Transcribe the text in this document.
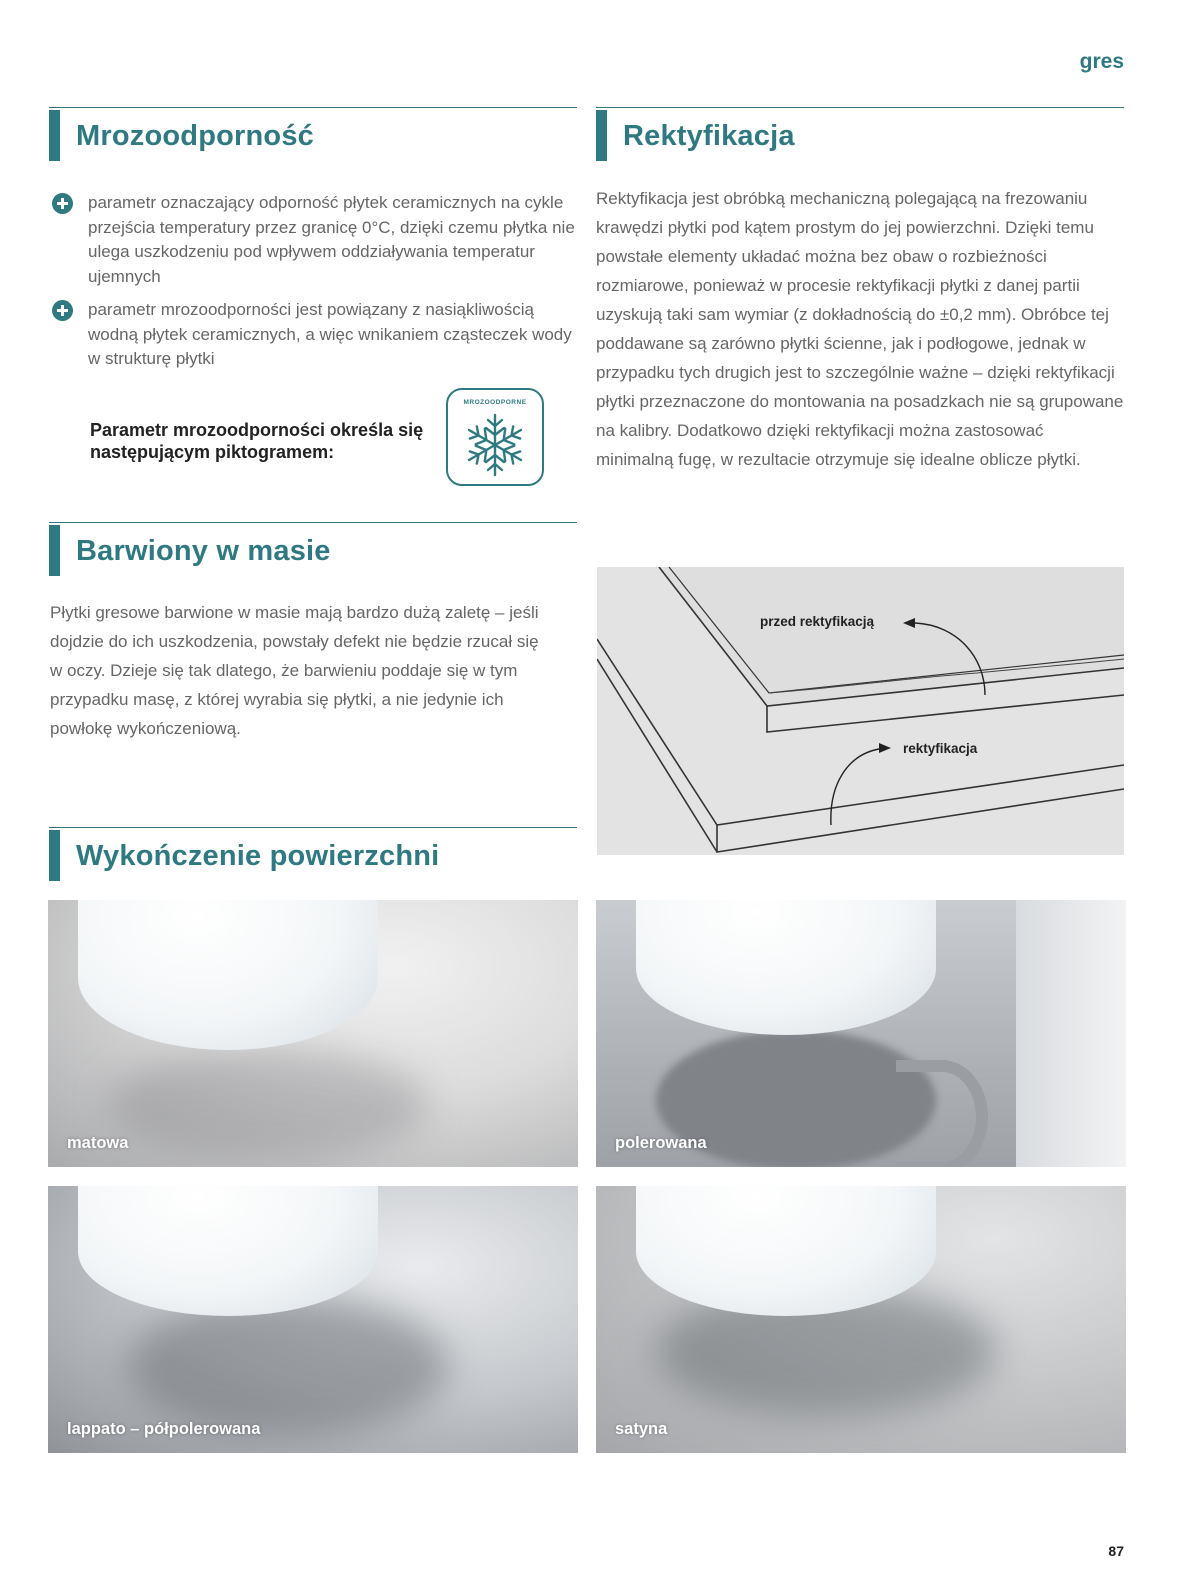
gres
Mrozoodporność
parametr oznaczający odporność płytek ceramicznych na cykle przejścia temperatury przez granicę 0°C, dzięki czemu płytka nie ulega uszkodzeniu pod wpływem oddziaływania temperatur ujemnych
parametr mrozoodporności jest powiązany z nasiąkliwością wodną płytek ceramicznych, a więc wnikaniem cząsteczek wody w strukturę płytki
Parametr mrozoodporności określa się następującym piktogramem:
MROZOODPORNE
Barwiony w masie

Płytki gresowe barwione w masie mają bardzo dużą zaletę – jeśli dojdzie do ich uszkodzenia, powstały defekt nie będzie rzucał się w oczy. Dzieje się tak dlatego, że barwieniu poddaje się w tym przypadku masę, z której wyrabia się płytki, a nie jedynie ich powłokę wykończeniową.

Rektyfikacja

Rektyfikacja jest obróbką mechaniczną polegającą na frezowaniu krawędzi płytki pod kątem prostym do jej powierzchni. Dzięki temu powstałe elementy układać można bez obaw o rozbieżności rozmiarowe, ponieważ w procesie rektyfikacji płytki z danej partii uzyskują taki sam wymiar (z dokładnością do ±0,2 mm). Obróbce tej poddawane są zarówno płytki ścienne, jak i podłogowe, jednak w przypadku tych drugich jest to szczególnie ważne – dzięki rektyfikacji płytki przeznaczone do montowania na posadzkach nie są grupowane na kalibry. Dodatkowo dzięki rektyfikacji można zastosować minimalną fugę, w rezultacie otrzymuje się idealne oblicze płytki.

przed rektyfikacją
rektyfikacja
Wykończenie powierzchni
matowa	polerowana
lappato – półpolerowana	satyna
87
